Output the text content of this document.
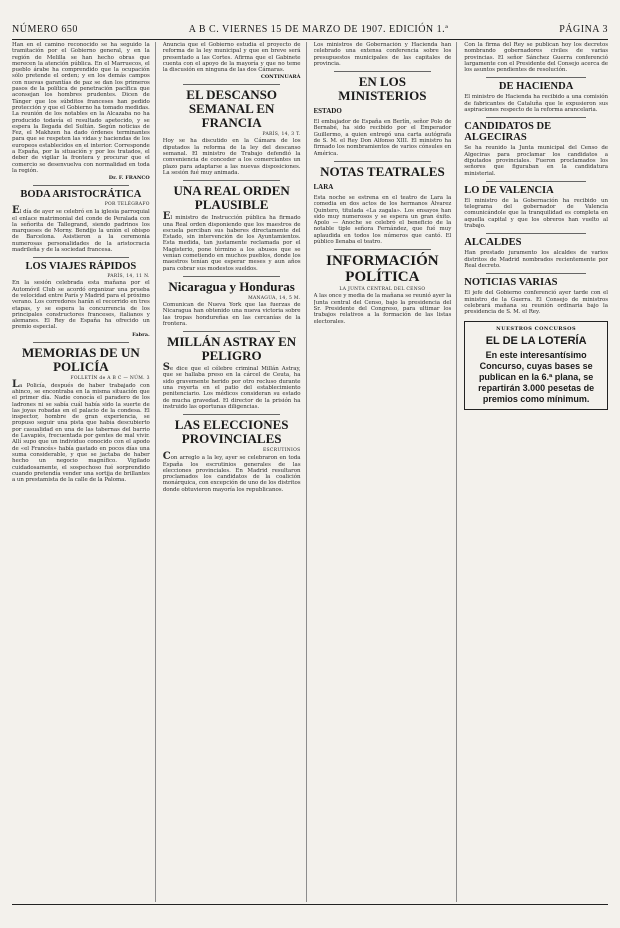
NÚMERO 650	A B C. VIERNES 15 DE MARZO DE 1907. EDICIÓN 1.ª	PÁGINA 3
Han en el camino reconocido se ha seguido la tramitación por el Gobierno general, y en la región de Melilla se han hecho obras que merecen la atención pública. En el Marruecos, el pueblo árabe ha comprendido que la ocupación sólo pretende el orden; y en los demás campos con nuevas garantías de paz se dan los primeros pasos de la política de penetración pacífica que aconsejan los hombres prudentes. Dicen de Tánger que los súbditos franceses han pedido protección y que el Gobierno ha tomado medidas. La reunión de los notables en la Alcazaba no ha producido todavía el resultado apetecido, y se espera la llegada del Sultán. Según noticias de Fez, el Makhzen ha dado órdenes terminantes para que se respeten las vidas y haciendas de los europeos establecidos en el interior. Corresponde a España, por la situación y por los tratados, el deber de vigilar la frontera y procurar que el comercio se desenvuelva con normalidad en toda la región.
Dr. F. FRANCO
BODA ARISTOCRÁTICA
POR TELÉGRAFO
El día de ayer se celebró en la iglesia parroquial el enlace matrimonial del conde de Peralada con la señorita de Tallegrand, siendo padrinos los marqueses de Morny. Bendijo la unión el obispo de Barcelona. Asistieron a la ceremonia numerosas personalidades de la aristocracia madrileña y de la sociedad francesa.
LOS VIAJES RÁPIDOS
PARÍS, 14, 11 N.
En la sesión celebrada esta mañana por el Automóvil Club se acordó organizar una prueba de velocidad entre París y Madrid para el próximo verano. Los corredores harán el recorrido en tres etapas, y se espera la concurrencia de los principales constructores franceses, italianos y alemanes. El Rey de España ha ofrecido un premio especial.
Fabra.
MEMORIAS DE UN POLICÍA
FOLLETÍN de A B C — NÚM. 3
La Policía, después de haber trabajado con ahinco, se encontraba en la misma situación que el primer día. Nadie conocía el paradero de los ladrones ni se sabía cuál había sido la suerte de las joyas robadas en el palacio de la condesa. El inspector, hombre de gran experiencia, se propuso seguir una pista que había descubierto por casualidad en una de las tabernas del barrio de Lavapiés, frecuentada por gentes de mal vivir. Allí supo que un individuo conocido con el apodo de «el Francés» había gastado en pocos días una suma considerable, y que se jactaba de haber hecho un negocio magnífico. Vigilado cuidadosamente, el sospechoso fué sorprendido cuando pretendía vender una sortija de brillantes a un prestamista de la calle de la Paloma.
Anuncia que el Gobierno estudia el proyecto de reforma de la ley municipal y que en breve será presentado a las Cortes. Afirma que el Gabinete cuenta con el apoyo de la mayoría y que no teme la discusión en ninguna de las dos Cámaras.
CONTINUARÁ
EL DESCANSO SEMANAL EN FRANCIA
PARÍS, 14, 3 T.
Hoy se ha discutido en la Cámara de los diputados la reforma de la ley del descanso semanal. El ministro de Trabajo defendió la conveniencia de conceder a los comerciantes un plazo para adaptarse a las nuevas disposiciones. La sesión fué muy animada.
UNA REAL ORDEN PLAUSIBLE
El ministro de Instrucción pública ha firmado una Real orden disponiendo que los maestros de escuela perciban sus haberes directamente del Estado, sin intervención de los Ayuntamientos. Esta medida, tan justamente reclamada por el Magisterio, pone término a los abusos que se venían cometiendo en muchos pueblos, donde los maestros tenían que esperar meses y aun años para cobrar sus modestos sueldos.
Nicaragua y Honduras
MANAGUA, 14, 5 M.
Comunican de Nueva York que las fuerzas de Nicaragua han obtenido una nueva victoria sobre las tropas hondureñas en las cercanías de la frontera.
MILLÁN ASTRAY EN PELIGRO
Se dice que el célebre criminal Millán Astray, que se hallaba preso en la cárcel de Ceuta, ha sido gravemente herido por otro recluso durante una reyerta en el patio del establecimiento penitenciario. Los médicos consideran su estado de mucha gravedad. El director de la prisión ha instruido las oportunas diligencias.
LAS ELECCIONES PROVINCIALES
ESCRUTINIOS
Con arreglo a la ley, ayer se celebraron en toda España los escrutinios generales de las elecciones provinciales. En Madrid resultaron proclamados los candidatos de la coalición monárquica, con excepción de uno de los distritos donde obtuvieron mayoría los republicanos.
Los ministros de Gobernación y Hacienda han celebrado una extensa conferencia sobre los presupuestos municipales de las capitales de provincia.
EN LOS MINISTERIOS
ESTADO
El embajador de España en Berlín, señor Polo de Bernabé, ha sido recibido por el Emperador Guillermo, a quien entregó una carta autógrafa de S. M. el Rey Don Alfonso XIII. El ministro ha firmado los nombramientos de varios cónsules en América.
NOTAS TEATRALES
LARA
Esta noche se estrena en el teatro de Lara la comedia en dos actos de los hermanos Álvarez Quintero, titulada «La zagala». Los ensayos han sido muy numerosos y se espera un gran éxito. Apolo — Anoche se celebró el beneficio de la notable tiple señora Fernández, que fué muy aplaudida en todos los números que cantó. El público llenaba el teatro.
INFORMACIÓN POLÍTICA
LA JUNTA CENTRAL DEL CENSO
A las once y media de la mañana se reunió ayer la Junta central del Censo, bajo la presidencia del Sr. Presidente del Congreso, para ultimar los trabajos relativos a la formación de las listas electorales.
Con la firma del Rey se publican hoy los decretos nombrando gobernadores civiles de varias provincias. El señor Sánchez Guerra conferenció largamente con el Presidente del Consejo acerca de los asuntos pendientes de resolución.
DE HACIENDA
El ministro de Hacienda ha recibido a una comisión de fabricantes de Cataluña que le expusieron sus aspiraciones respecto de la reforma arancelaria.
CANDIDATOS DE ALGECIRAS
Se ha reunido la Junta municipal del Censo de Algeciras para proclamar los candidatos a diputados provinciales. Fueron proclamados los señores que figuraban en la candidatura ministerial.
LO DE VALENCIA
El ministro de la Gobernación ha recibido un telegrama del gobernador de Valencia comunicándole que la tranquilidad es completa en aquella capital y que los obreros han vuelto al trabajo.
ALCALDES
Han prestado juramento los alcaldes de varios distritos de Madrid nombrados recientemente por Real decreto.
NOTICIAS VARIAS
El jefe del Gobierno conferenció ayer tarde con el ministro de la Guerra. El Consejo de ministros celebrará mañana su reunión ordinaria bajo la presidencia de S. M. el Rey.
NUESTROS CONCURSOS
EL DE LA LOTERÍA
En este interesantísimo
Concurso, cuyas bases se
publican en la 6.ª plana, se
repartirán 3.000 pesetas de
premios como mínimum.
